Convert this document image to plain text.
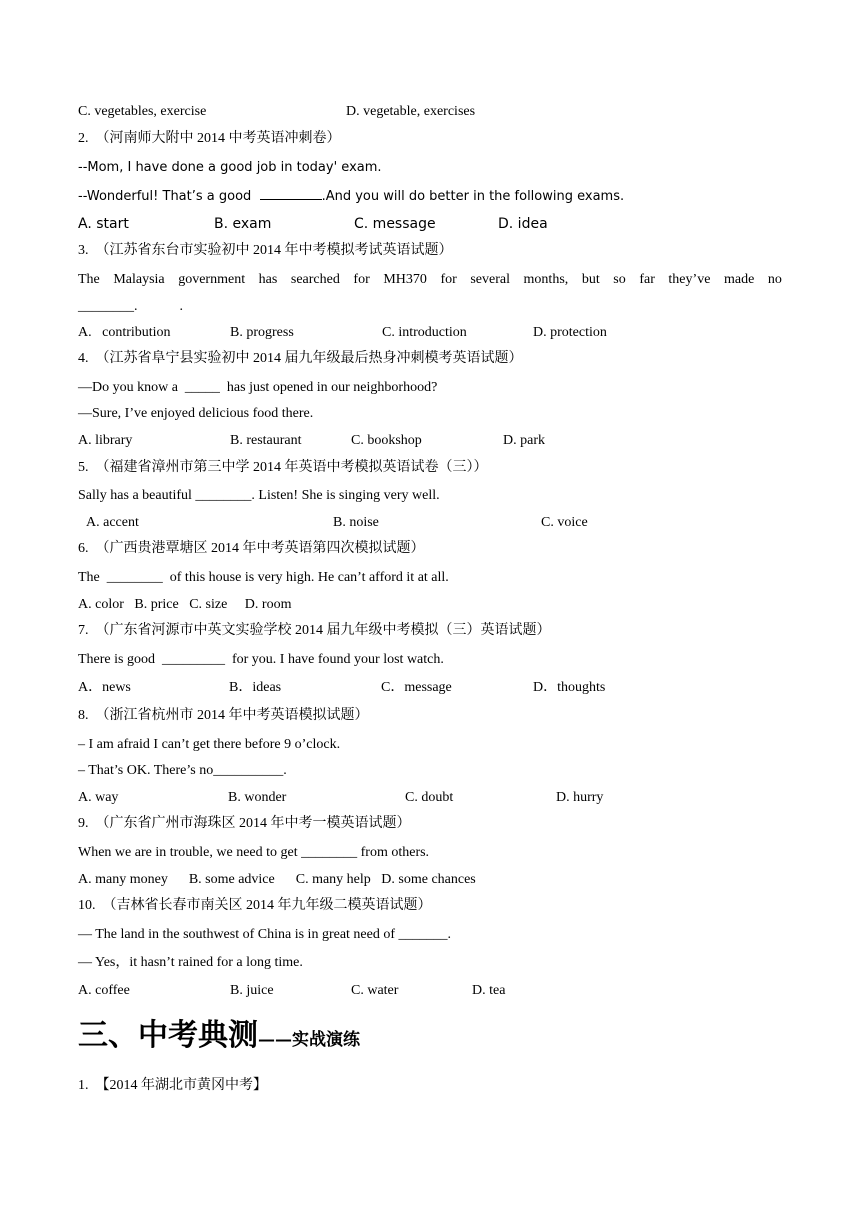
C. vegetables, exercise	D. vegetable, exercises
2.  （河南师大附中 2014 中考英语冲刺卷）
--Mom, I have done a good job in today' exam.
--Wonderful! That’s a good	.And you will do better in the following exams.
A. start	B. exam	C. message	D. idea
3.  （江苏省东台市实验初中 2014 年中考模拟考试英语试题）
The Malaysia government has searched for MH370 for several months, but so far they’ve made no
________.            .
A.   contribution	B. progress	C. introduction	D. protection
4.  （江苏省阜宁县实验初中 2014 届九年级最后热身冲刺模考英语试题）
—Do you know a  _____  has just opened in our neighborhood?
—Sure, I’ve enjoyed delicious food there.
A. library	B. restaurant	C. bookshop	D. park
5.  （福建省漳州市第三中学 2014 年英语中考模拟英语试卷（三））
Sally has a beautiful ________. Listen! She is singing very well.
A. accent	B. noise	C. voice
6.  （广西贵港覃塘区 2014 年中考英语第四次模拟试题）
The  ________  of this house is very high. He can’t afford it at all.
A. color   B. price   C. size     D. room
7.  （广东省河源市中英文实验学校 2014 届九年级中考模拟（三）英语试题）
There is good  _________  for you. I have found your lost watch.
A．news	B．ideas	C．message	D．thoughts
8.  （浙江省杭州市 2014 年中考英语模拟试题）
– I am afraid I can’t get there before 9 o’clock.
– That’s OK. There’s no__________.
A. way	B. wonder	C. doubt	D. hurry
9.  （广东省广州市海珠区 2014 年中考一模英语试题）
When we are in trouble, we need to get ________ from others.
A. many money      B. some advice      C. many help   D. some chances
10.  （吉林省长春市南关区 2014 年九年级二模英语试题）
— The land in the southwest of China is in great need of _______.
— Yes，it hasn’t rained for a long time.
A. coffee	B. juice	C. water	D. tea
三、中考典测——实战演练
1.  【2014 年湖北市黄冈中考】
